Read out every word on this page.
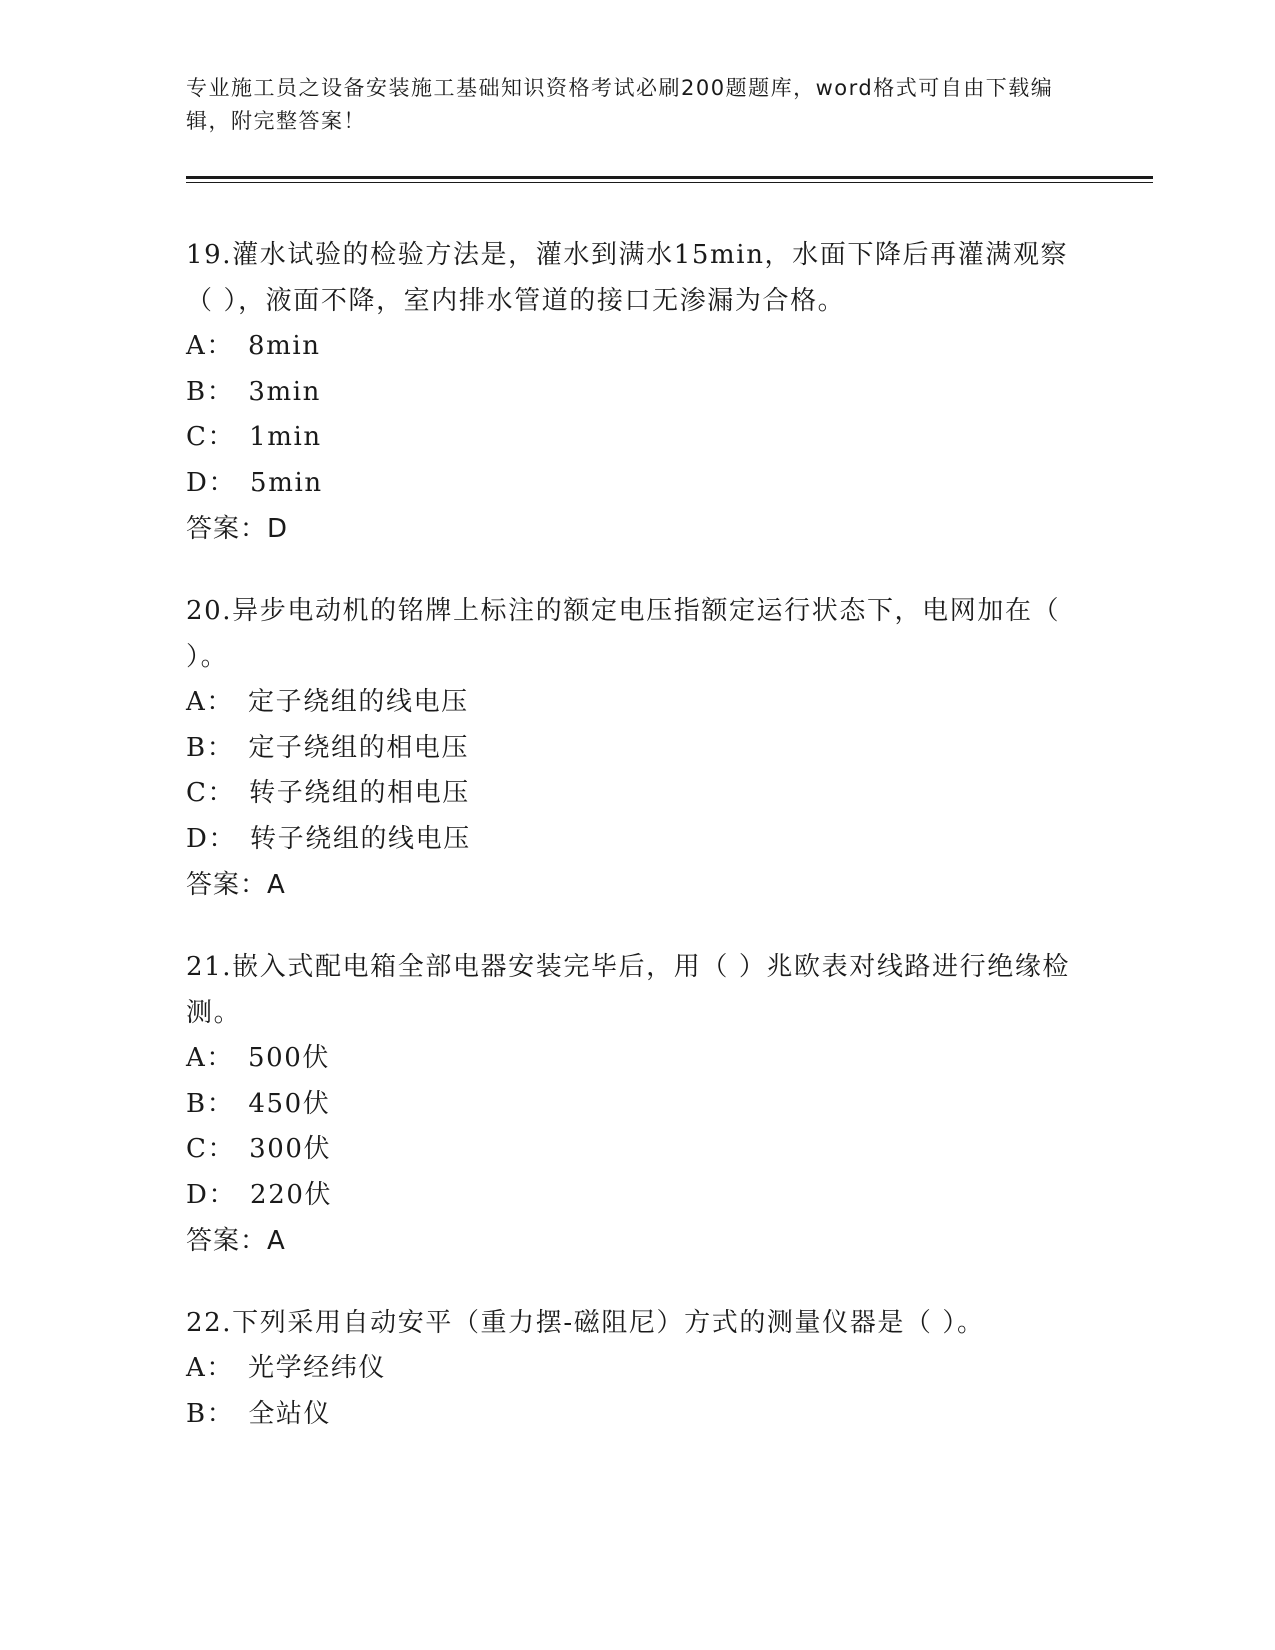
专业施工员之设备安装施工基础知识资格考试必刷200题题库，word格式可自由下载编辑，附完整答案！

19.灌水试验的检验方法是，灌水到满水15min，水面下降后再灌满观察（ ），液面不降，室内排水管道的接口无渗漏为合格。

A： 8min

B： 3min

C： 1min

D： 5min

答案：D

20.异步电动机的铭牌上标注的额定电压指额定运行状态下，电网加在（ ）。

A： 定子绕组的线电压

B： 定子绕组的相电压

C： 转子绕组的相电压

D： 转子绕组的线电压

答案：A

21.嵌入式配电箱全部电器安装完毕后，用（ ）兆欧表对线路进行绝缘检测。

A： 500伏

B： 450伏

C： 300伏

D： 220伏

答案：A

22.下列采用自动安平（重力摆-磁阻尼）方式的测量仪器是（ ）。

A： 光学经纬仪

B： 全站仪
